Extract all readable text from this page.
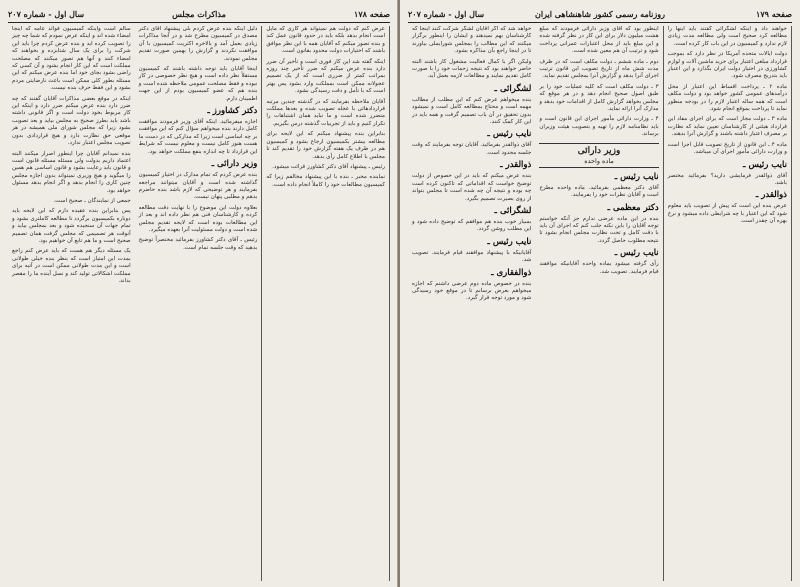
صفحه ۱۷۸
مذاکرات مجلس
سال اول - شماره ۲۰۷

سالم است واینکه کمیسیون فوائد عامه که اینجا امضاء شده اند و اینکه عرض نمودم که شما چه چیز را تصویب کرده اید و بنده عرض کردم چرا باید این شرکت را برای یک سال شتابزده و بخواهند که امضاء کنند و آنها هم تصور میکنند که مصلحت مملکت است که این کار انجام بشود و آن کسی که راضی بشود بجای خود اما بنده عرض میکنم که این مسئله بطور کلی ممکن است باعث نارضایتی مردم بشود و این فقط حرف بنده نیست.

اینکه در موقع بعضی مذاکرات آقایان گفتند که چه ضرر دارد بنده عرض میکنم ضرر دارد و اینکه این کار مربوط بخود دولت است و اگر قانونی داشته باشد باید بطرز صحیح به مجلس بیاید و بعد تصویب بشود زیرا که مجلس شورای ملی همیشه در هر موقعی حق نظارت دارد و هیچ قراردادی بدون تصویب مجلس اعتبار ندارد.

بنده نمیدانم آقایان چرا اینطور اصرار میکنند البته اعتماد داریم بدولت ولی مسئله مسئله قانون است و قانون باید رعایت بشود و قانون اساسی هم همین را میگوید و هیچ وزیری نمیتواند بدون اجازه مجلس چنین کاری را انجام بدهد و اگر انجام بدهد مسئول خواهد بود.

جمعی از نمایندگان ـ صحیح است.

پس بنابراین بنده عقیده دارم که این لایحه باید دوباره بکمیسیون برگردد تا مطالعه کاملتری بشود و تمام جهات آن سنجیده شود و بعد بمجلس بیاید و آنوقت هر تصمیمی که مجلس گرفت همان تصمیم صحیح است و ما هم تابع آن خواهیم بود.

یک مسئله دیگر هم هست که باید عرض کنم راجع بمدت این امتیاز است که بنظر بنده خیلی طولانی است و این مدت طولانی ممکن است در آتیه برای مملکت اشکالاتی تولید کند و نسل آینده ما را مقصر بداند.

دلیل اینکه بنده عرض کردم بلی پیشنهاد آقای دکتر مصدق در کمیسیون مطرح شد و در آنجا مذاکرات زیادی بعمل آمد و بالاخره اکثریت کمیسیون با آن موافقت نکردند و گزارش را بهمین صورت تقدیم مجلس نمودند.

اینجا آقایان باید توجه داشته باشند که کمیسیون مستقلاً نظر داده است و هیچ نظر خصوصی در کار نبوده و فقط مصلحت عمومی ملاحظه شده است و بنده هم که عضو کمیسیون بودم از این جهت اطمینان دارم.

دکتر کشاورز ـ

اجازه میفرمائید. اینکه آقای وزیر فرمودند موافقت کامل دارند بنده میخواهم سؤال کنم که این موافقت بر چه اساسی است زیرا که مدارکی که در دست ما هست هنوز کامل نیست و معلوم نیست که شرایط این قرارداد تا چه اندازه بنفع مملکت خواهد بود.

وزیر دارائی ـ

بنده عرض کردم که تمام مدارک در اختیار کمیسیون گذاشته شده است و آقایان میتوانند مراجعه بفرمایند و هر توضیحی که لازم باشد بنده حاضرم بدهم و مطلبی پنهان نیست.

بعلاوه دولت این موضوع را با نهایت دقت مطالعه کرده و کارشناسان فنی هم نظر داده اند و بعد از این مطالعات بوده است که لایحه تقدیم مجلس شده است و دولت مسئولیت آنرا بعهده میگیرد.

رئیس ـ آقای دکتر کشاورز بفرمائید مختصراً توضیح بدهید که وقت جلسه تمام است.

عرض کنم که دولت هم نمیتواند هر کاری که مایل است انجام بدهد بلکه باید در حدود قانون عمل کند و بنده تصور میکنم که آقایان همه با این نظر موافق باشند که اختیارات دولت محدود بقانون است.

اینکه گفته شد این کار فوری است و تأخیر آن ضرر دارد بنده عرض میکنم که ضرر تأخیر چند روزه بمراتب کمتر از ضرری است که از یک تصمیم عجولانه ممکن است بمملکت وارد بشود پس بهتر است که با تأمل و دقت رسیدگی بشود.

آقایان ملاحظه بفرمایند که در گذشته چندین مرتبه قراردادهائی با عجله تصویب شده و بعدها مملکت متضرر شده است و ما نباید همان اشتباهات را تکرار کنیم و باید از تجربیات گذشته درس بگیریم.

بنابراین بنده پیشنهاد میکنم که این لایحه برای مطالعه بیشتر بکمیسیون ارجاع بشود و کمیسیون هم در ظرف یک هفته گزارش خود را تقدیم کند تا مجلس با اطلاع کامل رأی بدهد.

رئیس ـ پیشنهاد آقای دکتر کشاورز قرائت میشود.

نماینده مخبر ـ بنده با این پیشنهاد مخالفم زیرا که کمیسیون مطالعات خود را کاملاً انجام داده است.

صفحه ۱۷۹
روزنامه رسمی کشور شاهنشاهی ایران
سال اول - شماره ۲۰۷

خواهد شد که اگر آقایان لشگر شرکت کنند اینجا که کارشناسان بهم نمیدهند و ایشان را اینطور برگزار میکنند که این مطالب را بمجلس شورایملی بیاورند تا در اینجا راجع بآن مذاکره بشود.

ولیکن اگر با کمال فعالیت مشغول کار باشند البته حاضر خواهند بود که نتیجه زحمات خود را با صورت کامل تقدیم نمایند و مطالعات لازمه بعمل آید.

لشگرائی ـ

بنده میخواهم عرض کنم که این مطلب از مطالب مهمه است و محتاج بمطالعه کامل است و نمیشود بدون تحقیق در آن باب تصمیم گرفت و همه باید در این کار کمک کنند.

نایب رئیس ـ

آقای ذوالقدر بفرمائید. آقایان توجه بفرمایند که وقت جلسه محدود است.

ذوالقدر ـ

بنده عرض میکنم که باید در این خصوص از دولت توضیح خواست که اقداماتی که تاکنون کرده است چه بوده و نتیجه آن چه شده است تا مجلس بتواند از روی بصیرت تصمیم بگیرد.

لشگرائی ـ

بسیار خوب بنده هم موافقم که توضیح داده شود و این مطلب روشن گردد.

نایب رئیس ـ

آقایانیکه با پیشنهاد موافقند قیام فرمایند. تصویب شد.

ذوالفقاری ـ

بنده در خصوص ماده دوم عرضی داشتم که اجازه میخواهم بعرض برسانم تا در موقع خود رسیدگی شود و مورد توجه قرار گیرد.

اینطور بود که آقای وزیر دارائی فرمودند که مبلغ هشت میلیون دلار برای این کار در نظر گرفته شده و این مبلغ باید از محل اعتبارات عمرانی پرداخت شود و ترتیب آن هم معین شده است.

دوم ـ ماده ششم ـ دولت مکلف است که در ظرف مدت شش ماه از تاریخ تصویب این قانون ترتیب اجرای آنرا بدهد و گزارش آنرا بمجلس تقدیم نماید.

۳ ـ دولت مکلف است که کلیه عملیات خود را بر طبق اصول صحیح انجام دهد و در هر موقع که مجلس بخواهد گزارش کامل از اقدامات خود بدهد و مدارک آنرا ارائه نماید.

۴ ـ وزارت دارائی مأمور اجرای این قانون است و باید نظامنامه لازم را تهیه و بتصویب هیئت وزیران برساند.

وزیر دارائی
ماده واحده
نایب رئیس ـ

آقای دکتر معظمی بفرمائید. ماده واحده مطرح است و آقایان نظرات خود را بفرمایند.

دکتر معظمی ـ

بنده در این ماده عرضی ندارم جز آنکه خواستم توجه آقایان را باین نکته جلب کنم که اجرای آن باید با دقت کامل و تحت نظارت مجلس انجام بشود تا نتیجه مطلوب حاصل گردد.

نایب رئیس ـ

رأی گرفته میشود بماده واحده آقایانیکه موافقند قیام فرمایند. تصویب شد.

خواهند داد و اینکه لشگرائی گفتند باید اینها را مطالعه کرد صحیح است ولی مطالعه مدت زیادی لازم ندارد و کمیسیون در این باب کار کرده است.

دولت ایالات متحده آمریکا در نظر دارد که بموجب قرارداد مبلغی اعتبار برای خرید ماشین آلات و لوازم کشاورزی در اختیار دولت ایران بگذارد و این اعتبار باید بتدریج مصرف شود.

ماده ۲ ـ پرداخت اقساط این اعتبار از محل درآمدهای عمومی کشور خواهد بود و دولت مکلف است که همه ساله اعتبار لازم را در بودجه منظور نماید تا پرداخت بموقع انجام شود.

ماده ۳ ـ دولت مجاز است که برای اجرای مفاد این قرارداد هیئتی از کارشناسان تعیین نماید که نظارت بر مصرف اعتبار داشته باشند و گزارش آنرا بدهند.

ماده ۴ ـ این قانون از تاریخ تصویب قابل اجرا است و وزارت دارائی مأمور اجرای آن میباشد.

نایب رئیس ـ

آقای ذوالقدر فرمایشی دارید؟ بفرمائید مختصر باشد.

ذوالقدر ـ

عرض بنده این است که پیش از تصویب باید معلوم شود که این اعتبار با چه شرایطی داده میشود و نرخ بهره آن چقدر است.
